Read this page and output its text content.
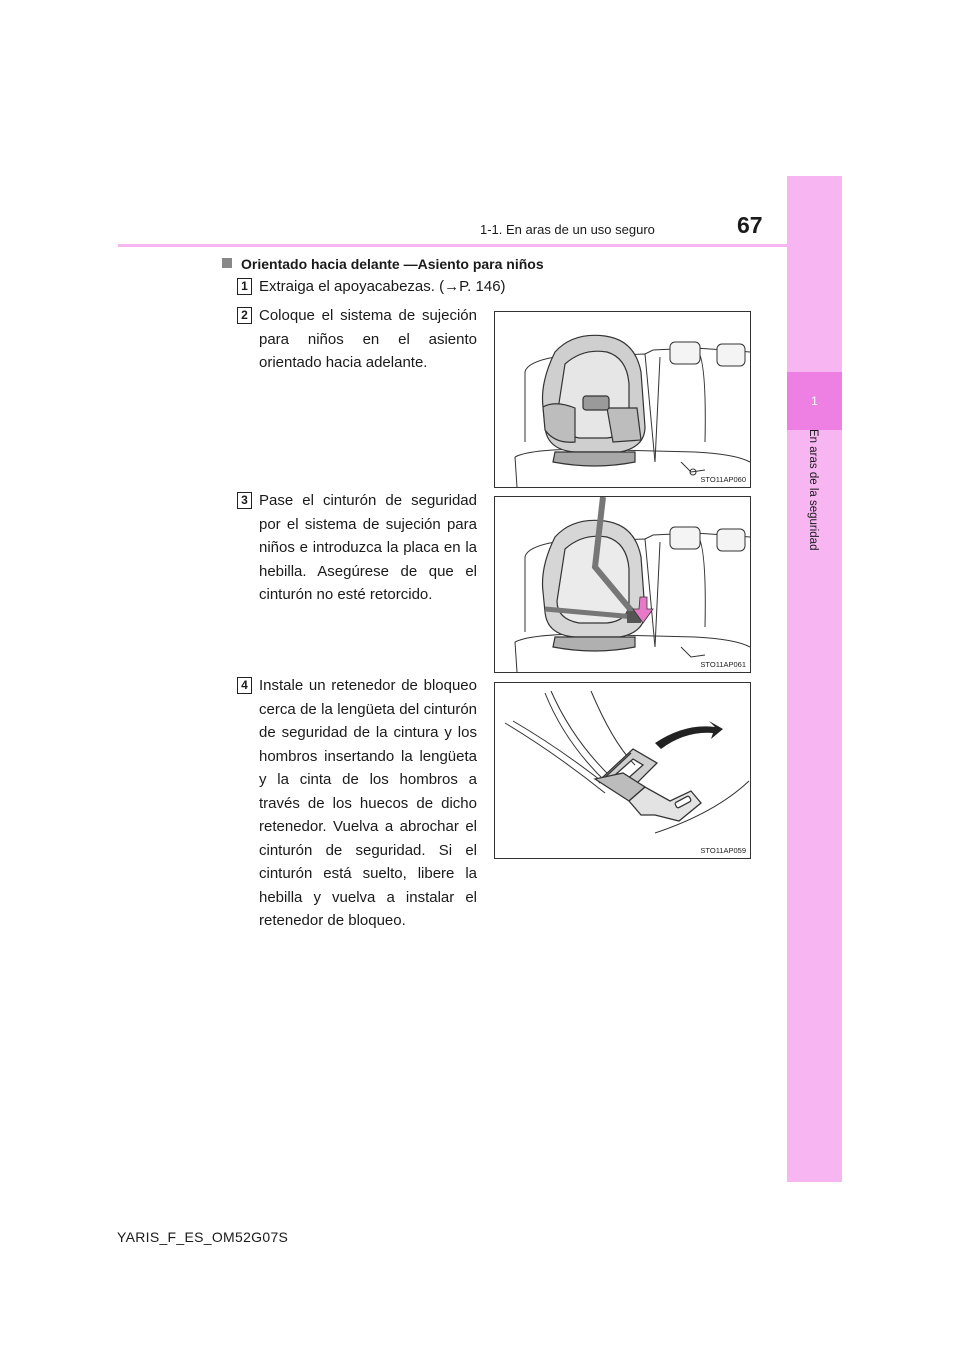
1
En aras de la seguridad
1-1. En aras de un uso seguro	67
Orientado hacia delante —Asiento para niños
1 Extraiga el apoyacabezas. (→P. 146)
2 Coloque el sistema de sujeción para niños en el asiento orientado hacia adelante.
3 Pase el cinturón de seguridad por el sistema de sujeción para niños e introduzca la placa en la hebilla. Asegúrese de que el cinturón no esté retorcido.
4 Instale un retenedor de bloqueo cerca de la lengüeta del cinturón de seguridad de la cintura y los hombros insertando la lengüeta y la cinta de los hombros a través de los huecos de dicho retenedor. Vuelva a abrochar el cinturón de seguridad. Si el cinturón está suelto, libere la hebilla y vuelva a instalar el retenedor de bloqueo.
STO11AP060
STO11AP061
STO11AP059
YARIS_F_ES_OM52G07S
